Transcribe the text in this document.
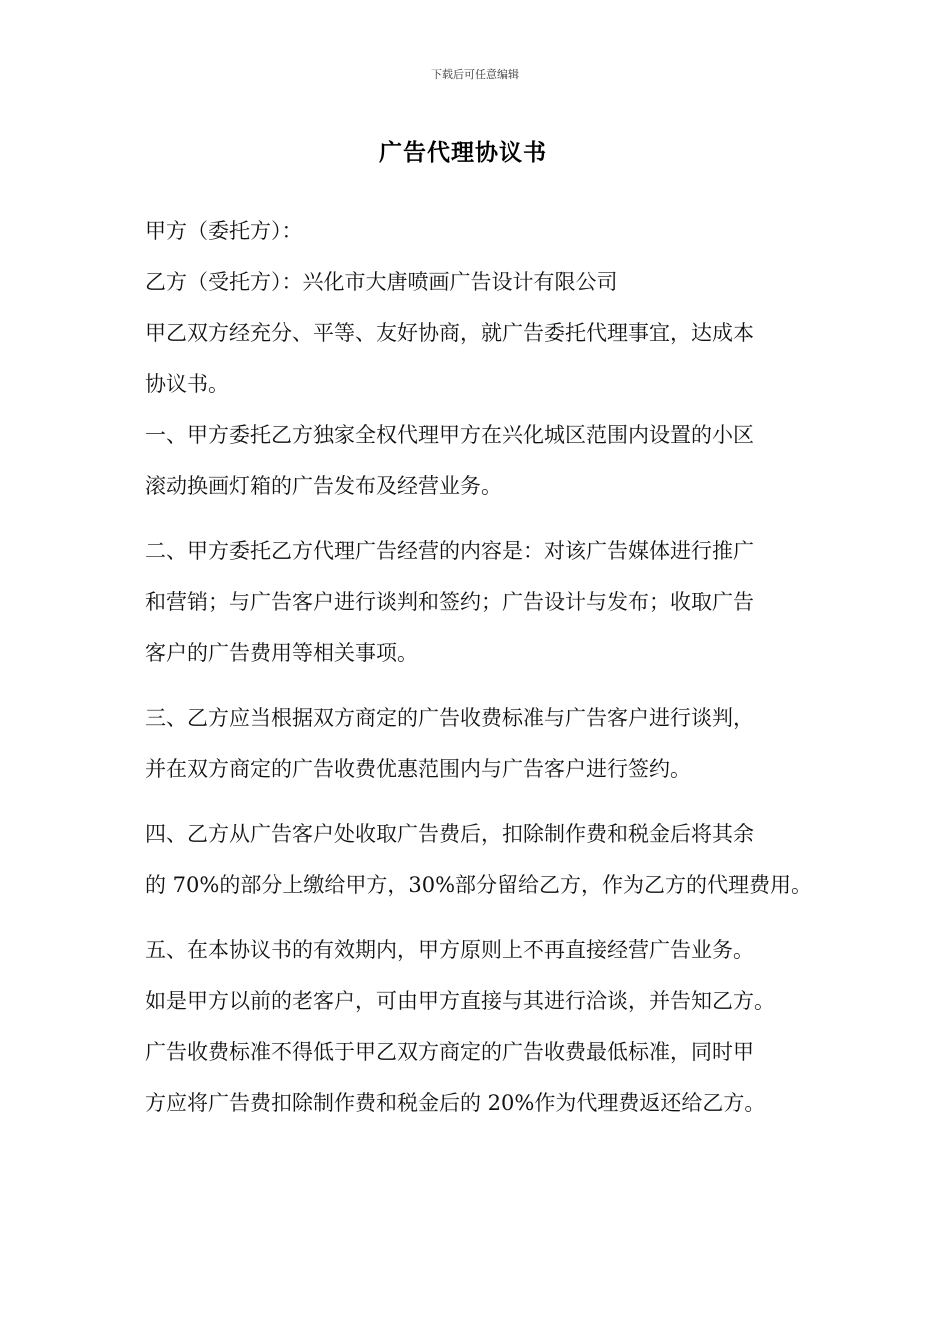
下载后可任意编辑
广告代理协议书
甲方（委托方）：
乙方（受托方）：兴化市大唐喷画广告设计有限公司
甲乙双方经充分、平等、友好协商，就广告委托代理事宜，达成本
协议书。
一、甲方委托乙方独家全权代理甲方在兴化城区范围内设置的小区
滚动换画灯箱的广告发布及经营业务。
二、甲方委托乙方代理广告经营的内容是：对该广告媒体进行推广
和营销；与广告客户进行谈判和签约；广告设计与发布；收取广告
客户的广告费用等相关事项。
三、乙方应当根据双方商定的广告收费标准与广告客户进行谈判，
并在双方商定的广告收费优惠范围内与广告客户进行签约。
四、乙方从广告客户处收取广告费后，扣除制作费和税金后将其余
的 70%的部分上缴给甲方，30%部分留给乙方，作为乙方的代理费用。
五、在本协议书的有效期内，甲方原则上不再直接经营广告业务。
如是甲方以前的老客户，可由甲方直接与其进行洽谈，并告知乙方。
广告收费标准不得低于甲乙双方商定的广告收费最低标准，同时甲
方应将广告费扣除制作费和税金后的 20%作为代理费返还给乙方。
